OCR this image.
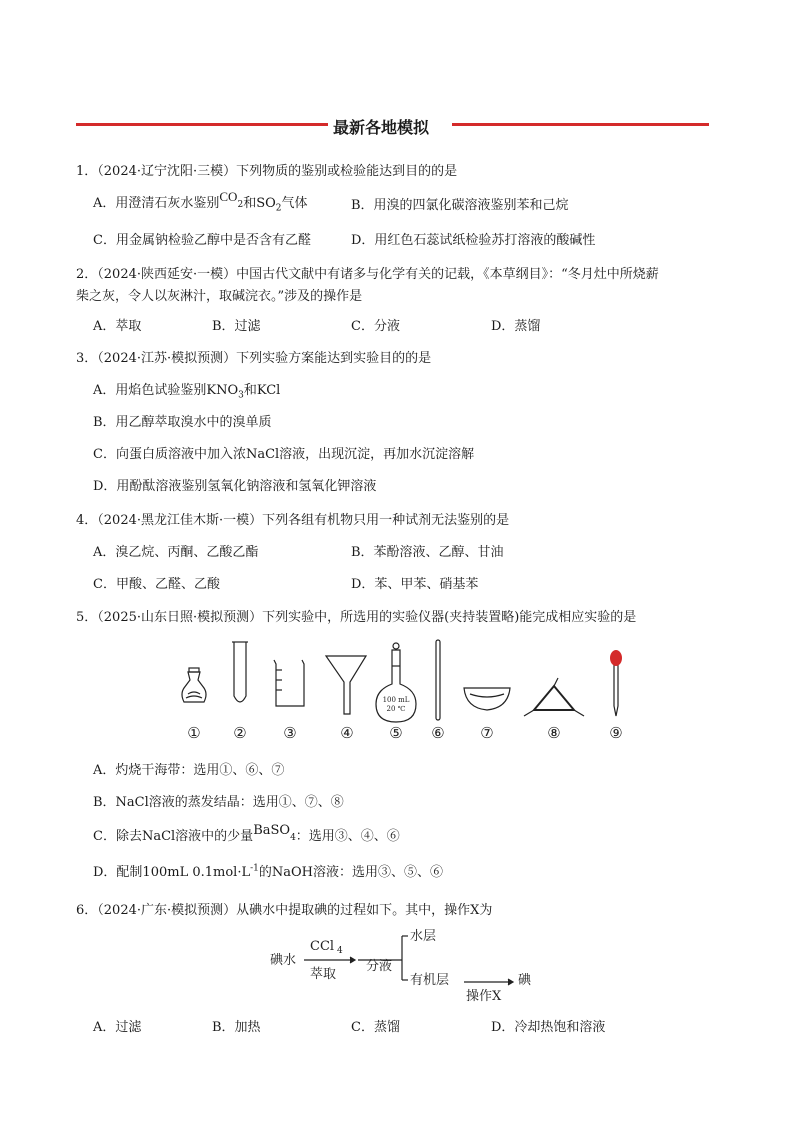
最新各地模拟
1．（2024·辽宁沈阳·三模）下列物质的鉴别或检验能达到目的的是
A．用澄清石灰水鉴别$CO_2$和$SO_2$气体	B．用溴的四氯化碳溶液鉴别苯和己烷
C．用金属钠检验乙醇中是否含有乙醛	D．用红色石蕊试纸检验苏打溶液的酸碱性
2．（2024·陕西延安·一模）中国古代文献中有诸多与化学有关的记载，《本草纲目》：“冬月灶中所烧薪
柴之灰，令人以灰淋汁，取碱浣衣。”涉及的操作是
A．萃取	B．过滤	C．分液	D．蒸馏
3．（2024·江苏·模拟预测）下列实验方案能达到实验目的的是
A．用焰色试验鉴别$KNO_3$和KCl
B．用乙醇萃取溴水中的溴单质
C．向蛋白质溶液中加入浓NaCl溶液，出现沉淀，再加水沉淀溶解
D．用酚酞溶液鉴别氢氧化钠溶液和氢氧化钾溶液
4．（2024·黑龙江佳木斯·一模）下列各组有机物只用一种试剂无法鉴别的是
A．溴乙烷、丙酮、乙酸乙酯	B．苯酚溶液、乙醇、甘油
C．甲酸、乙醛、乙酸	D．苯、甲苯、硝基苯
5．（2025·山东日照·模拟预测）下列实验中，所选用的实验仪器(夹持装置略)能完成相应实验的是
100 mL
20 ℃
① ② ③	④ ⑤ ⑥ ⑦	⑧	⑨
A．灼烧干海带：选用①、⑥、⑦
B．NaCl溶液的蒸发结晶：选用①、⑦、⑧
C．除去NaCl溶液中的少量BaSO$_4$：选用③、④、⑥
D．配制100mL $0.1mol\cdot L^{-1}$的NaOH溶液：选用③、⑤、⑥
6．（2024·广东·模拟预测）从碘水中提取碘的过程如下。其中，操作X为
碘水
CCl 4
萃取
分液
水层
有机层	碘
操作X
A．过滤	B．加热	C．蒸馏	D．冷却热饱和溶液
